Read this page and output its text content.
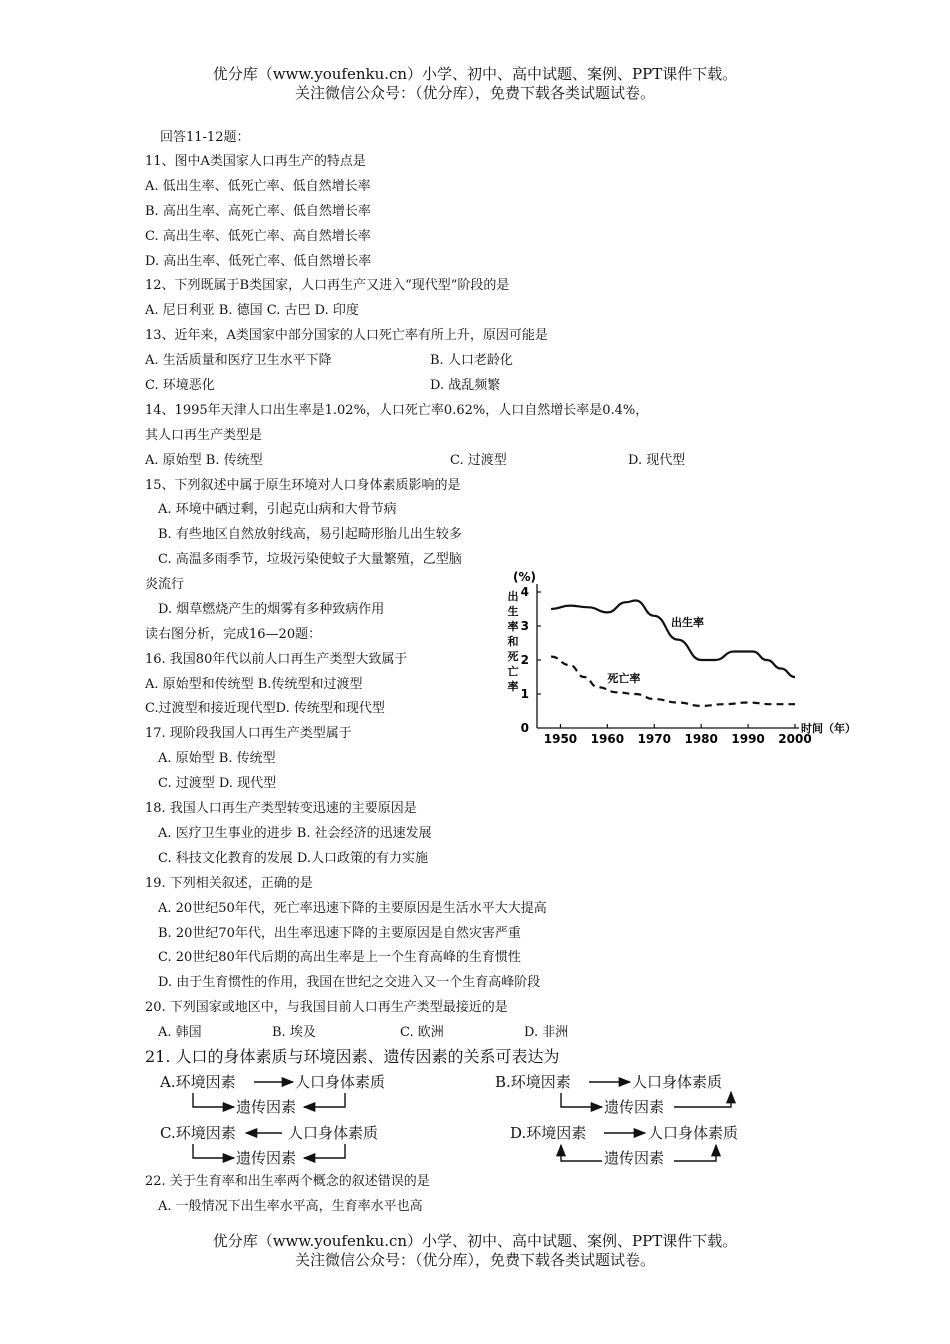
优分库（www.youfenku.cn）小学、初中、高中试题、案例、PPT课件下载。
关注微信公众号：（优分库），免费下载各类试题试卷。
回答11-12题：
11、图中A类国家人口再生产的特点是
A. 低出生率、低死亡率、低自然增长率
B. 高出生率、高死亡率、低自然增长率
C. 高出生率、低死亡率、高自然增长率
D. 高出生率、低死亡率、低自然增长率
12、下列既属于B类国家，人口再生产又进入“现代型”阶段的是
A. 尼日利亚 B. 德国 C. 古巴 D. 印度
13、近年来，A类国家中部分国家的人口死亡率有所上升，原因可能是
A. 生活质量和医疗卫生水平下降	B. 人口老龄化
C. 环境恶化	D. 战乱频繁
14、1995年天津人口出生率是1.02%，人口死亡率0.62%，人口自然增长率是0.4%，
其人口再生产类型是
A. 原始型 B. 传统型	C. 过渡型	D. 现代型
15、下列叙述中属于原生环境对人口身体素质影响的是
A. 环境中硒过剩，引起克山病和大骨节病
B. 有些地区自然放射线高，易引起畸形胎儿出生较多
C. 高温多雨季节，垃圾污染使蚊子大量繁殖，乙型脑
炎流行
D. 烟草燃烧产生的烟雾有多种致病作用
读右图分析，完成16—20题：
16. 我国80年代以前人口再生产类型大致属于
A. 原始型和传统型 B.传统型和过渡型
C.过渡型和接近现代型D. 传统型和现代型
17. 现阶段我国人口再生产类型属于
A. 原始型 B. 传统型
C. 过渡型 D. 现代型
18. 我国人口再生产类型转变迅速的主要原因是
A. 医疗卫生事业的进步 B. 社会经济的迅速发展
C. 科技文化教育的发展 D.人口政策的有力实施
19. 下列相关叙述，正确的是
A. 20世纪50年代，死亡率迅速下降的主要原因是生活水平大大提高
B. 20世纪70年代，出生率迅速下降的主要原因是自然灾害严重
C. 20世纪80年代后期的高出生率是上一个生育高峰的生育惯性
D. 由于生育惯性的作用，我国在世纪之交进入又一个生育高峰阶段
20. 下列国家或地区中，与我国目前人口再生产类型最接近的是
A. 韩国	B. 埃及	C. 欧洲	D. 非洲
21. 人口的身体素质与环境因素、遗传因素的关系可表达为
A.环境因素	人口身体素质
遗传因素
B.环境因素	人口身体素质
遗传因素
C.环境因素	人口身体素质
遗传因素
D.环境因素	人口身体素质
遗传因素
22. 关于生育率和出生率两个概念的叙述错误的是
A. 一般情况下出生率水平高，生育率水平也高
0
1
2
3
4
1950 1960 1970 1980 1990 2000
(%)
出
生
率
和
死
亡
率
时间（年）
出生率
死亡率
优分库（www.youfenku.cn）小学、初中、高中试题、案例、PPT课件下载。
关注微信公众号：（优分库），免费下载各类试题试卷。
